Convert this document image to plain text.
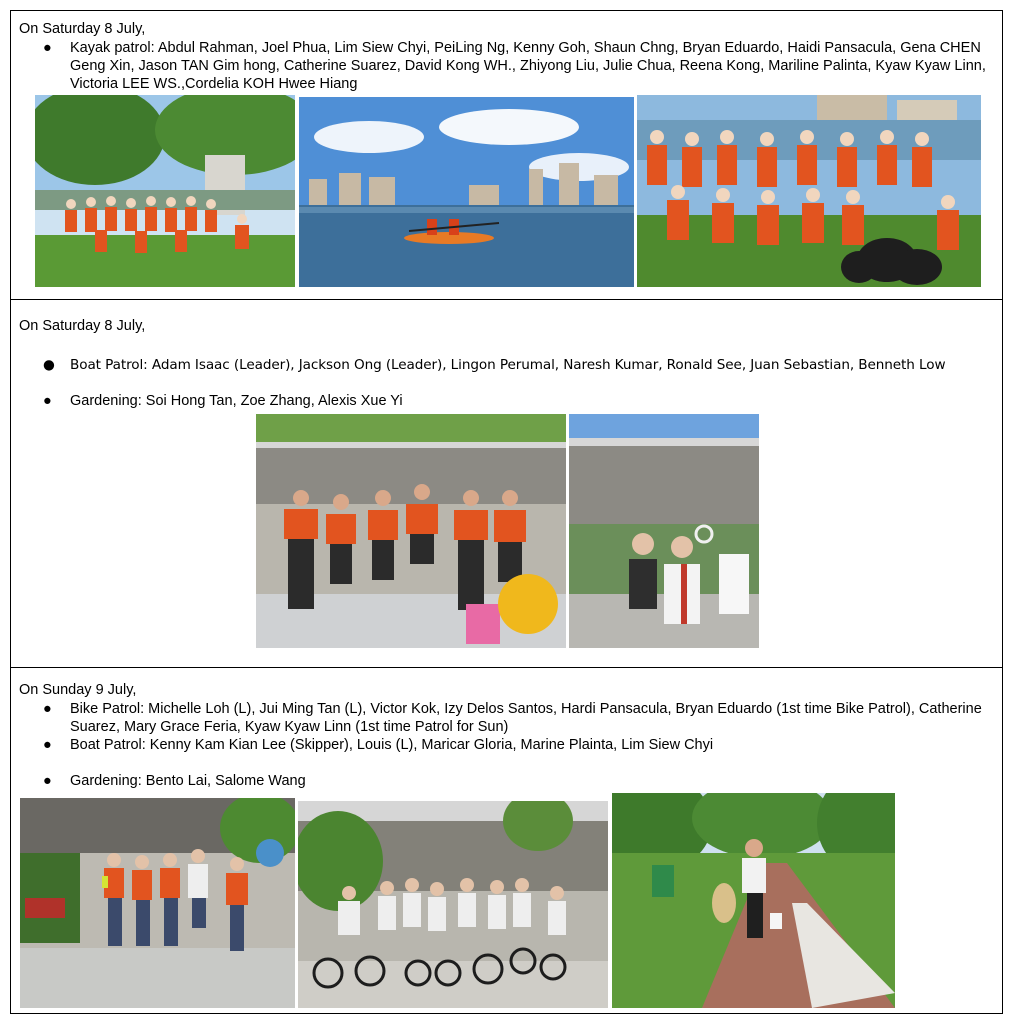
On Saturday 8 July,
● Kayak patrol: Abdul Rahman, Joel Phua, Lim Siew Chyi, PeiLing Ng, Kenny Goh, Shaun Chng, Bryan Eduardo, Haidi Pansacula, Gena CHEN Geng Xin, Jason TAN Gim hong, Catherine Suarez, David Kong WH., Zhiyong Liu, Julie Chua, Reena Kong, Mariline Palinta, Kyaw Kyaw Linn, Victoria LEE WS.,Cordelia KOH Hwee Hiang
On Saturday 8 July,
● Boat Patrol: Adam Isaac (Leader), Jackson Ong (Leader), Lingon Perumal, Naresh Kumar, Ronald See, Juan Sebastian, Benneth Low
● Gardening: Soi Hong Tan, Zoe Zhang, Alexis Xue Yi
On Sunday 9 July,
● Bike Patrol: Michelle Loh (L), Jui Ming Tan (L), Victor Kok, Izy Delos Santos, Hardi Pansacula, Bryan Eduardo (1st time Bike Patrol), Catherine Suarez, Mary Grace Feria, Kyaw Kyaw Linn (1st time Patrol for Sun)
● Boat Patrol: Kenny Kam Kian Lee (Skipper), Louis (L), Maricar Gloria, Marine Plainta, Lim Siew Chyi
● Gardening: Bento Lai, Salome Wang
